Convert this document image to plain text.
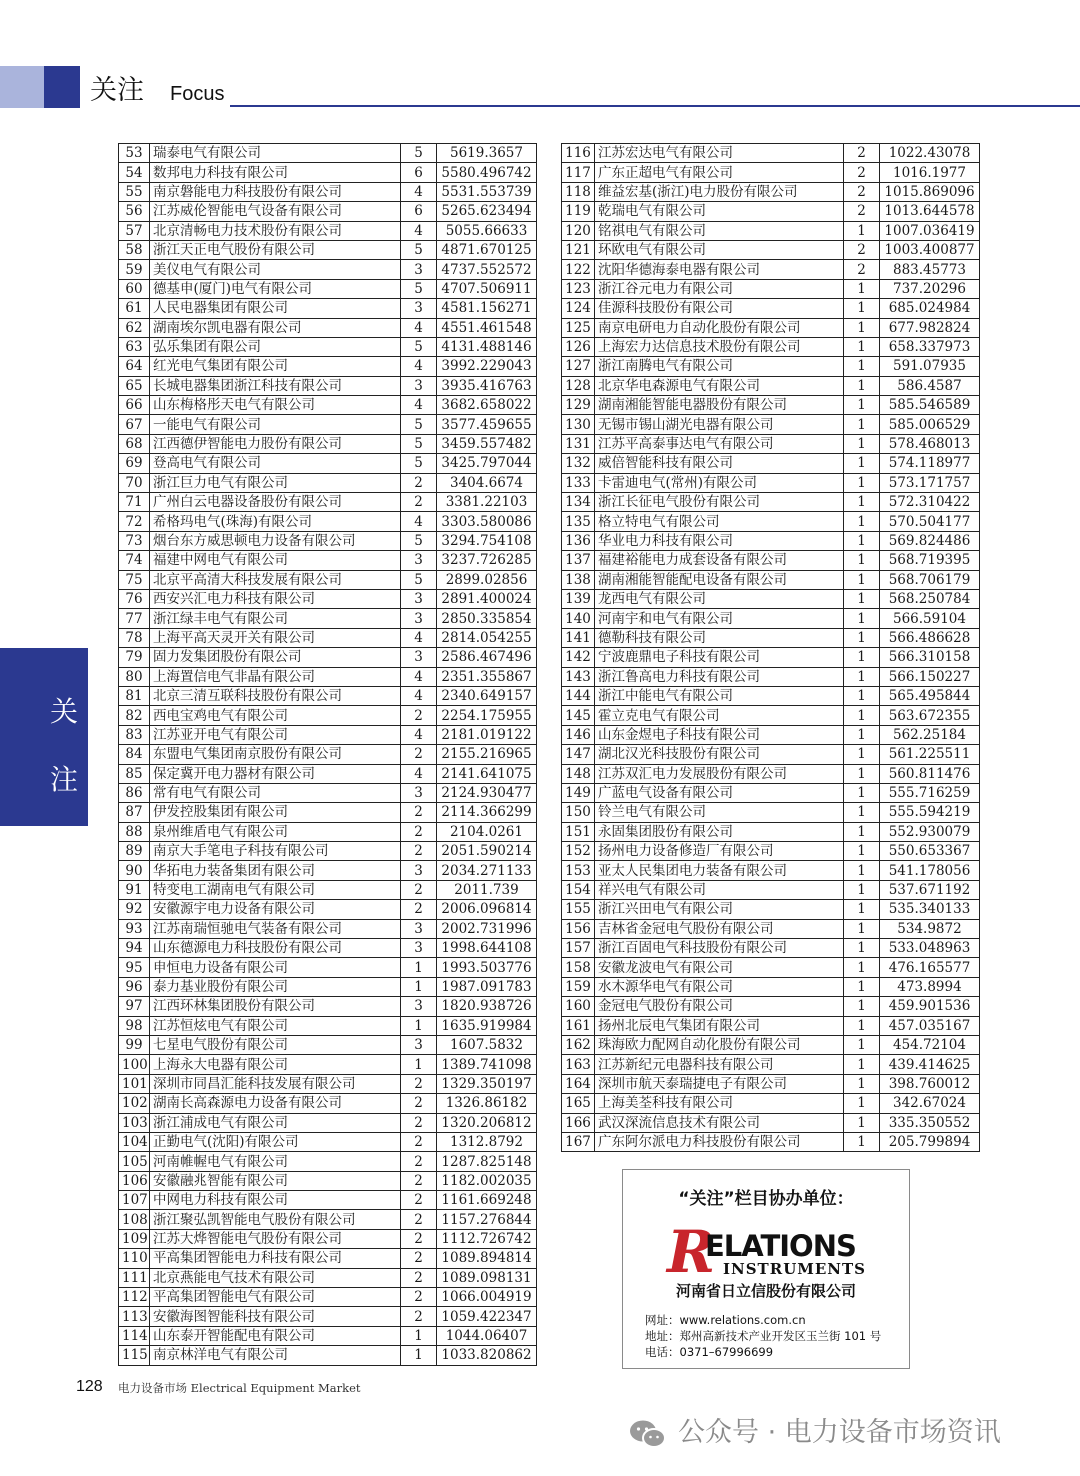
关注 Focus
关
注
53	瑞泰电气有限公司	5	5619.3657
54	数邦电力科技有限公司	6	5580.496742
55	南京磐能电力科技股份有限公司	4	5531.553739
56	江苏威伦智能电气设备有限公司	6	5265.623494
57	北京清畅电力技术股份有限公司	4	5055.66633
58	浙江天正电气股份有限公司	5	4871.670125
59	美仪电气有限公司	3	4737.552572
60	德基申(厦门)电气有限公司	5	4707.506911
61	人民电器集团有限公司	3	4581.156271
62	湖南埃尔凯电器有限公司	4	4551.461548
63	弘乐集团有限公司	5	4131.488146
64	红光电气集团有限公司	4	3992.229043
65	长城电器集团浙江科技有限公司	3	3935.416763
66	山东梅格彤天电气有限公司	4	3682.658022
67	一能电气有限公司	5	3577.459655
68	江西德伊智能电力股份有限公司	5	3459.557482
69	登高电气有限公司	5	3425.797044
70	浙江巨力电气有限公司	2	3404.6674
71	广州白云电器设备股份有限公司	2	3381.22103
72	希格玛电气(珠海)有限公司	4	3303.580086
73	烟台东方威思顿电力设备有限公司	5	3294.754108
74	福建中网电气有限公司	3	3237.726285
75	北京平高清大科技发展有限公司	5	2899.02856
76	西安兴汇电力科技有限公司	3	2891.400024
77	浙江绿丰电气有限公司	3	2850.335854
78	上海平高天灵开关有限公司	4	2814.054255
79	固力发集团股份有限公司	3	2586.467496
80	上海置信电气非晶有限公司	4	2351.355867
81	北京三清互联科技股份有限公司	4	2340.649157
82	西电宝鸡电气有限公司	2	2254.175955
83	江苏亚开电气有限公司	4	2181.019122
84	东盟电气集团南京股份有限公司	2	2155.216965
85	保定冀开电力器材有限公司	4	2141.641075
86	常有电气有限公司	3	2124.930477
87	伊发控股集团有限公司	2	2114.366299
88	泉州维盾电气有限公司	2	2104.0261
89	南京大手笔电子科技有限公司	2	2051.590214
90	华拓电力装备集团有限公司	3	2034.271133
91	特变电工湖南电气有限公司	2	2011.739
92	安徽源宇电力设备有限公司	2	2006.096814
93	江苏南瑞恒驰电气装备有限公司	3	2002.731996
94	山东德源电力科技股份有限公司	3	1998.644108
95	申恒电力设备有限公司	1	1993.503776
96	泰力基业股份有限公司	1	1987.091783
97	江西环林集团股份有限公司	3	1820.938726
98	江苏恒炫电气有限公司	1	1635.919984
99	七星电气股份有限公司	3	1607.5832
100	上海永大电器有限公司	1	1389.741098
101	深圳市同昌汇能科技发展有限公司	2	1329.350197
102	湖南长高森源电力设备有限公司	2	1326.86182
103	浙江浦成电气有限公司	2	1320.206812
104	正勤电气(沈阳)有限公司	2	1312.8792
105	河南帷幄电气有限公司	2	1287.825148
106	安徽融兆智能有限公司	2	1182.002035
107	中网电力科技有限公司	2	1161.669248
108	浙江聚弘凯智能电气股份有限公司	2	1157.276844
109	江苏大烨智能电气股份有限公司	2	1112.726742
110	平高集团智能电力科技有限公司	2	1089.894814
111	北京燕能电气技术有限公司	2	1089.098131
112	平高集团智能电气有限公司	2	1066.004919
113	安徽海图智能科技有限公司	2	1059.422347
114	山东泰开智能配电有限公司	1	1044.06407
115	南京林洋电气有限公司	1	1033.820862
116	江苏宏达电气有限公司	2	1022.43078
117	广东正超电气有限公司	2	1016.1977
118	维益宏基(浙江)电力股份有限公司	2	1015.869096
119	乾瑞电气有限公司	2	1013.644578
120	铭祺电气有限公司	1	1007.036419
121	环欧电气有限公司	2	1003.400877
122	沈阳华德海泰电器有限公司	2	883.45773
123	浙江谷元电力有限公司	1	737.20296
124	佳源科技股份有限公司	1	685.024984
125	南京电研电力自动化股份有限公司	1	677.982824
126	上海宏力达信息技术股份有限公司	1	658.337973
127	浙江南腾电气有限公司	1	591.07935
128	北京华电森源电气有限公司	1	586.4587
129	湖南湘能智能电器股份有限公司	1	585.546589
130	无锡市锡山湖光电器有限公司	1	585.006529
131	江苏平高泰事达电气有限公司	1	578.468013
132	威倍智能科技有限公司	1	574.118977
133	卡雷迪电气(常州)有限公司	1	573.171757
134	浙江长征电气股份有限公司	1	572.310422
135	格立特电气有限公司	1	570.504177
136	华业电力科技有限公司	1	569.824486
137	福建裕能电力成套设备有限公司	1	568.719395
138	湖南湘能智能配电设备有限公司	1	568.706179
139	龙西电气有限公司	1	568.250784
140	河南宇和电气有限公司	1	566.59104
141	德勒科技有限公司	1	566.486628
142	宁波鹿鼎电子科技有限公司	1	566.310158
143	浙江鲁高电力科技有限公司	1	566.150227
144	浙江中能电气有限公司	1	565.495844
145	霍立克电气有限公司	1	563.672355
146	山东金煜电子科技有限公司	1	562.25184
147	湖北汉光科技股份有限公司	1	561.225511
148	江苏双汇电力发展股份有限公司	1	560.811476
149	广蓝电气设备有限公司	1	555.716259
150	铃兰电气有限公司	1	555.594219
151	永固集团股份有限公司	1	552.930079
152	扬州电力设备修造厂有限公司	1	550.653367
153	亚太人民集团电力装备有限公司	1	541.178056
154	祥兴电气有限公司	1	537.671192
155	浙江兴田电气有限公司	1	535.340133
156	吉林省金冠电气股份有限公司	1	534.9872
157	浙江百固电气科技股份有限公司	1	533.048963
158	安徽龙波电气有限公司	1	476.165577
159	水木源华电气有限公司	1	473.8994
160	金冠电气股份有限公司	1	459.901536
161	扬州北辰电气集团有限公司	1	457.035167
162	珠海欧力配网自动化股份有限公司	1	454.72104
163	江苏新纪元电器科技有限公司	1	439.414625
164	深圳市航天泰瑞捷电子有限公司	1	398.760012
165	上海美荃科技有限公司	1	342.67024
166	武汉深流信息技术有限公司	1	335.350552
167	广东阿尔派电力科技股份有限公司	1	205.799894
“关注”栏目协办单位：
R
ELATIONS
INSTRUMENTS
河南省日立信股份有限公司
网址：www.relations.com.cn
地址：郑州高新技术产业开发区玉兰街 101 号
电话：0371–67996699
128 电力设备市场 Electrical Equipment Market
公众号 · 电力设备市场资讯
